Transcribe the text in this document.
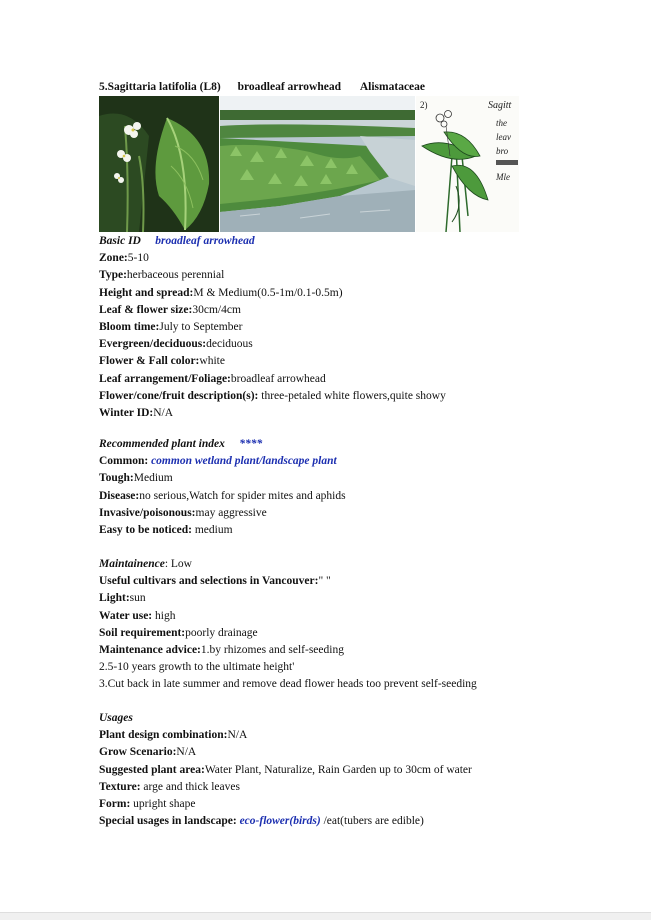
5.Sagittaria latifolia (L8) broadleaf arrowhead Alismataceae
2)	Sagitt
the
leav
bro
Mle
Basic ID broadleaf arrowhead
Zone:5-10
Type:herbaceous perennial
Height and spread:M & Medium(0.5-1m/0.1-0.5m)
Leaf & flower size:30cm/4cm
Bloom time:July to September
Evergreen/deciduous:deciduous
Flower & Fall color:white
Leaf arrangement/Foliage:broadleaf arrowhead
Flower/cone/fruit description(s): three-petaled white flowers,quite showy
Winter ID:N/A
Recommended plant index ****
Common: common wetland plant/landscape plant
Tough:Medium
Disease:no serious,Watch for spider mites and aphids
Invasive/poisonous:may aggressive
Easy to be noticed: medium
Maintainence: Low
Useful cultivars and selections in Vancouver:" "
Light:sun
Water use: high
Soil requirement:poorly drainage
Maintenance advice:1.by rhizomes and self-seeding
2.5-10 years growth to the ultimate height'
3.Cut back in late summer and remove dead flower heads too prevent self-seeding
Usages
Plant design combination:N/A
Grow Scenario:N/A
Suggested plant area:Water Plant, Naturalize, Rain Garden up to 30cm of water
Texture: arge and thick leaves
Form: upright shape
Special usages in landscape: eco-flower(birds) /eat(tubers are edible)
